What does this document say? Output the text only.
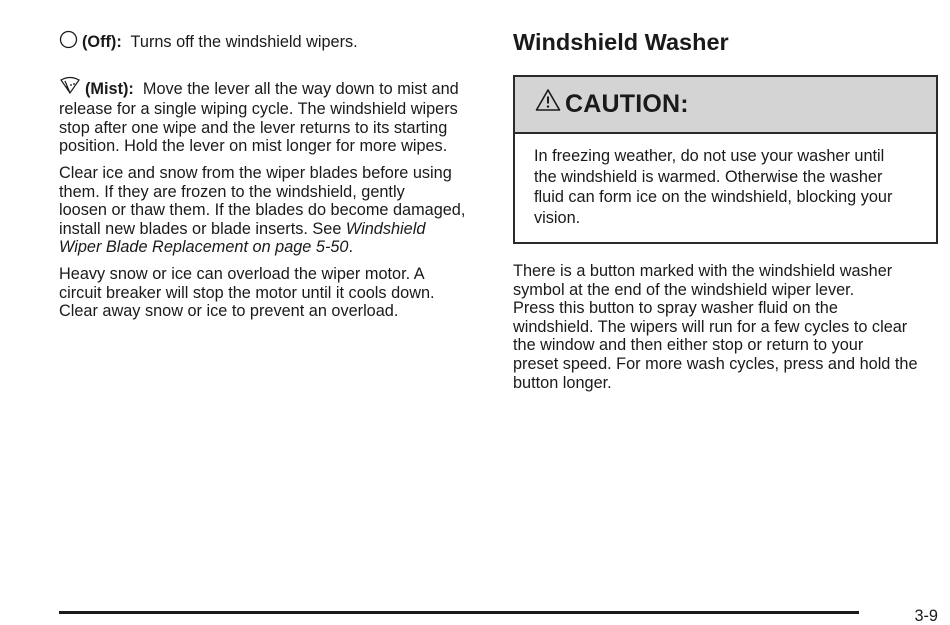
(Off): Turns off the windshield wipers.

(Mist): Move the lever all the way down to mist and

release for a single wiping cycle. The windshield wipers

stop after one wipe and the lever returns to its starting

position. Hold the lever on mist longer for more wipes.

Clear ice and snow from the wiper blades before using

them. If they are frozen to the windshield, gently

loosen or thaw them. If the blades do become damaged,

install new blades or blade inserts. See Windshield

Wiper Blade Replacement on page 5-50.

Heavy snow or ice can overload the wiper motor. A

circuit breaker will stop the motor until it cools down.

Clear away snow or ice to prevent an overload.

Windshield Washer
CAUTION:

In freezing weather, do not use your washer until

the windshield is warmed. Otherwise the washer

fluid can form ice on the windshield, blocking your

vision.

There is a button marked with the windshield washer

symbol at the end of the windshield wiper lever.

Press this button to spray washer fluid on the

windshield. The wipers will run for a few cycles to clear

the window and then either stop or return to your

preset speed. For more wash cycles, press and hold the

button longer.

3-9
